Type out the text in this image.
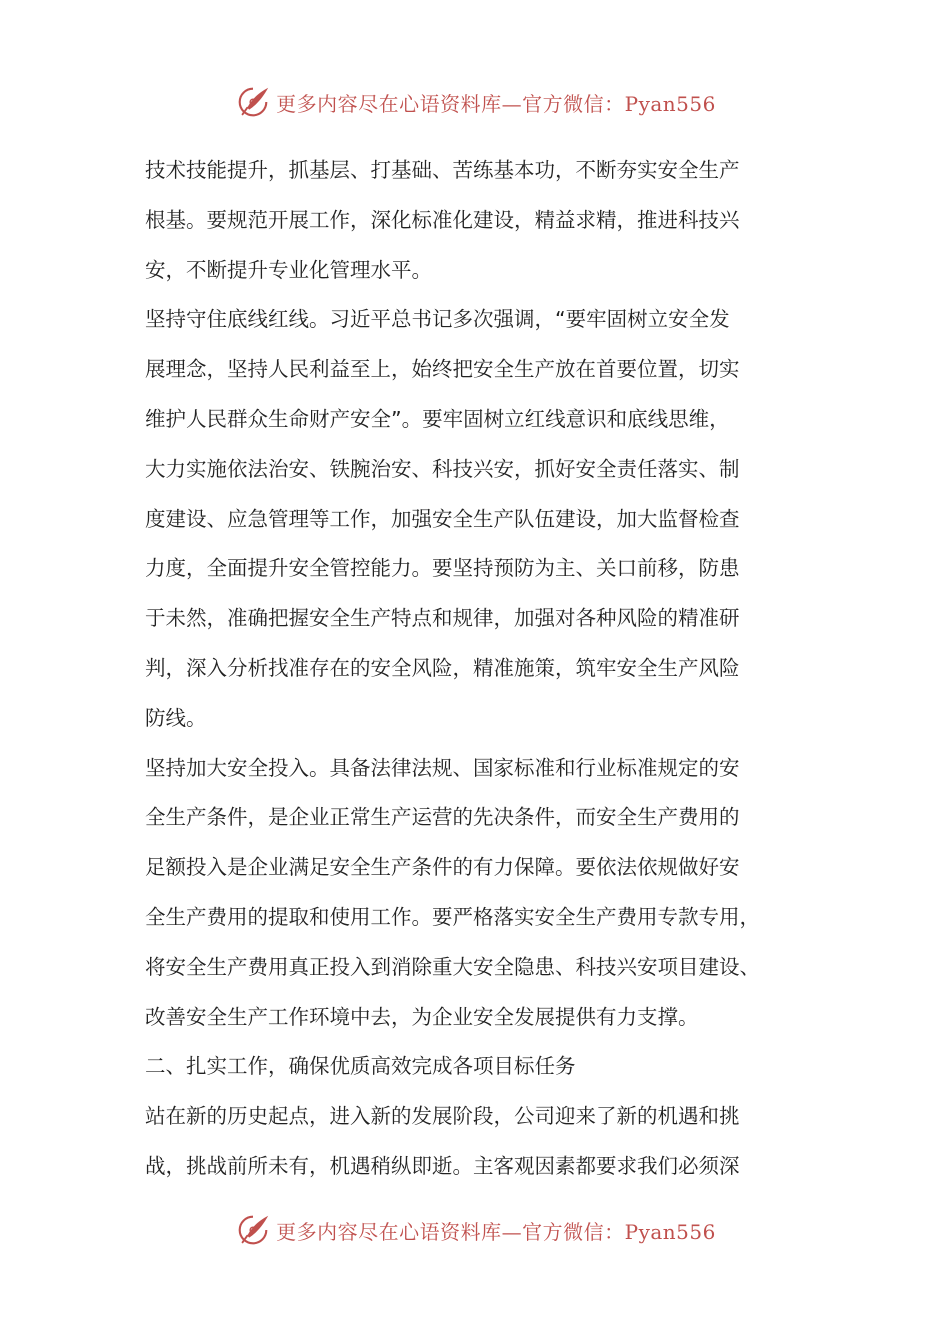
更多内容尽在心语资料库—官方微信：Pyan556
技术技能提升，抓基层、打基础、苦练基本功，不断夯实安全生产
根基。要规范开展工作，深化标准化建设，精益求精，推进科技兴
安，不断提升专业化管理水平。
坚持守住底线红线。习近平总书记多次强调，“要牢固树立安全发
展理念，坚持人民利益至上，始终把安全生产放在首要位置，切实
维护人民群众生命财产安全”。要牢固树立红线意识和底线思维，
大力实施依法治安、铁腕治安、科技兴安，抓好安全责任落实、制
度建设、应急管理等工作，加强安全生产队伍建设，加大监督检查
力度，全面提升安全管控能力。要坚持预防为主、关口前移，防患
于未然，准确把握安全生产特点和规律，加强对各种风险的精准研
判，深入分析找准存在的安全风险，精准施策，筑牢安全生产风险
防线。
坚持加大安全投入。具备法律法规、国家标准和行业标准规定的安
全生产条件，是企业正常生产运营的先决条件，而安全生产费用的
足额投入是企业满足安全生产条件的有力保障。要依法依规做好安
全生产费用的提取和使用工作。要严格落实安全生产费用专款专用，
将安全生产费用真正投入到消除重大安全隐患、科技兴安项目建设、
改善安全生产工作环境中去，为企业安全发展提供有力支撑。
二、扎实工作，确保优质高效完成各项目标任务
站在新的历史起点，进入新的发展阶段，公司迎来了新的机遇和挑
战，挑战前所未有，机遇稍纵即逝。主客观因素都要求我们必须深
更多内容尽在心语资料库—官方微信：Pyan556
